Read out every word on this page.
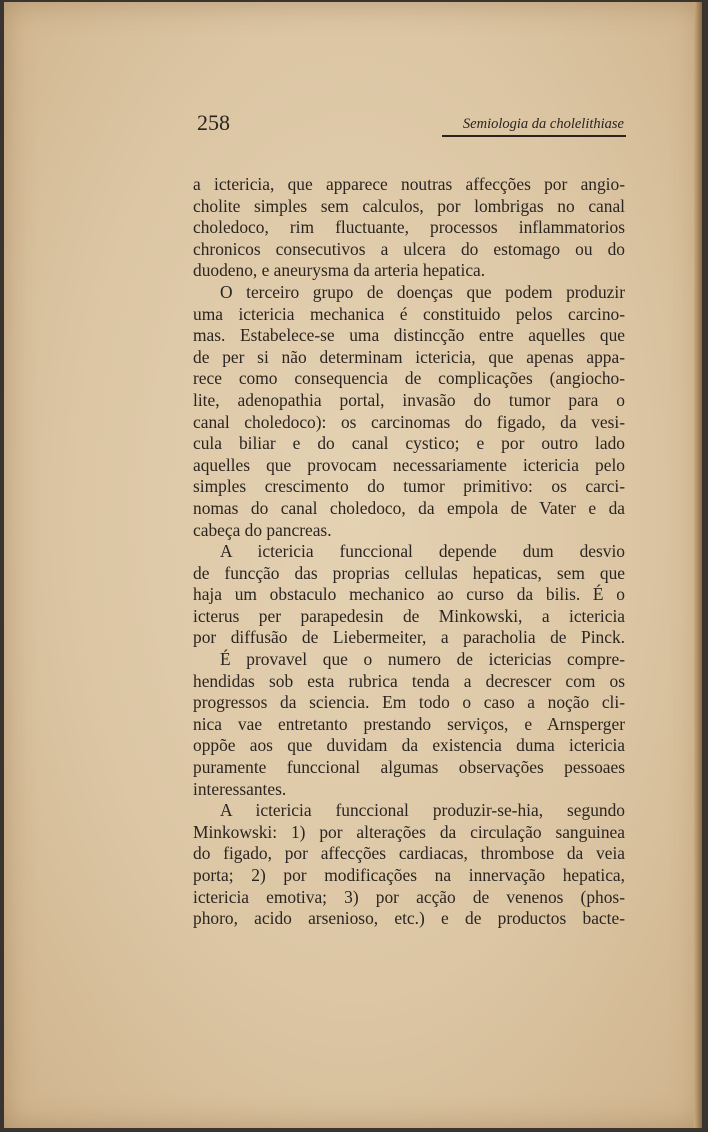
258	Semiologia da cholelithiase
a ictericia, que apparece noutras affecções por angio-
cholite simples sem calculos, por lombrigas no canal
choledoco, rim fluctuante, processos inflammatorios
chronicos consecutivos a ulcera do estomago ou do
duodeno, e aneurysma da arteria hepatica.
O terceiro grupo de doenças que podem produzir
uma ictericia mechanica é constituido pelos carcino-
mas. Estabelece-se uma distincção entre aquelles que
de per si não determinam ictericia, que apenas appa-
rece como consequencia de complicações (angiocho-
lite, adenopathia portal, invasão do tumor para o
canal choledoco): os carcinomas do figado, da vesi-
cula biliar e do canal cystico; e por outro lado
aquelles que provocam necessariamente ictericia pelo
simples crescimento do tumor primitivo: os carci-
nomas do canal choledoco, da empola de Vater e da
cabeça do pancreas.
A ictericia funccional depende dum desvio
de funcção das proprias cellulas hepaticas, sem que
haja um obstaculo mechanico ao curso da bilis. É o
icterus per parapedesin de Minkowski, a ictericia
por diffusão de Liebermeiter, a paracholia de Pinck.
É provavel que o numero de ictericias compre-
hendidas sob esta rubrica tenda a decrescer com os
progressos da sciencia. Em todo o caso a noção cli-
nica vae entretanto prestando serviços, e Arnsperger
oppõe aos que duvidam da existencia duma ictericia
puramente funccional algumas observações pessoaes
interessantes.
A ictericia funccional produzir-se-hia, segundo
Minkowski: 1) por alterações da circulação sanguinea
do figado, por affecções cardiacas, thrombose da veia
porta; 2) por modificações na innervação hepatica,
ictericia emotiva; 3) por acção de venenos (phos-
phoro, acido arsenioso, etc.) e de productos bacte-
